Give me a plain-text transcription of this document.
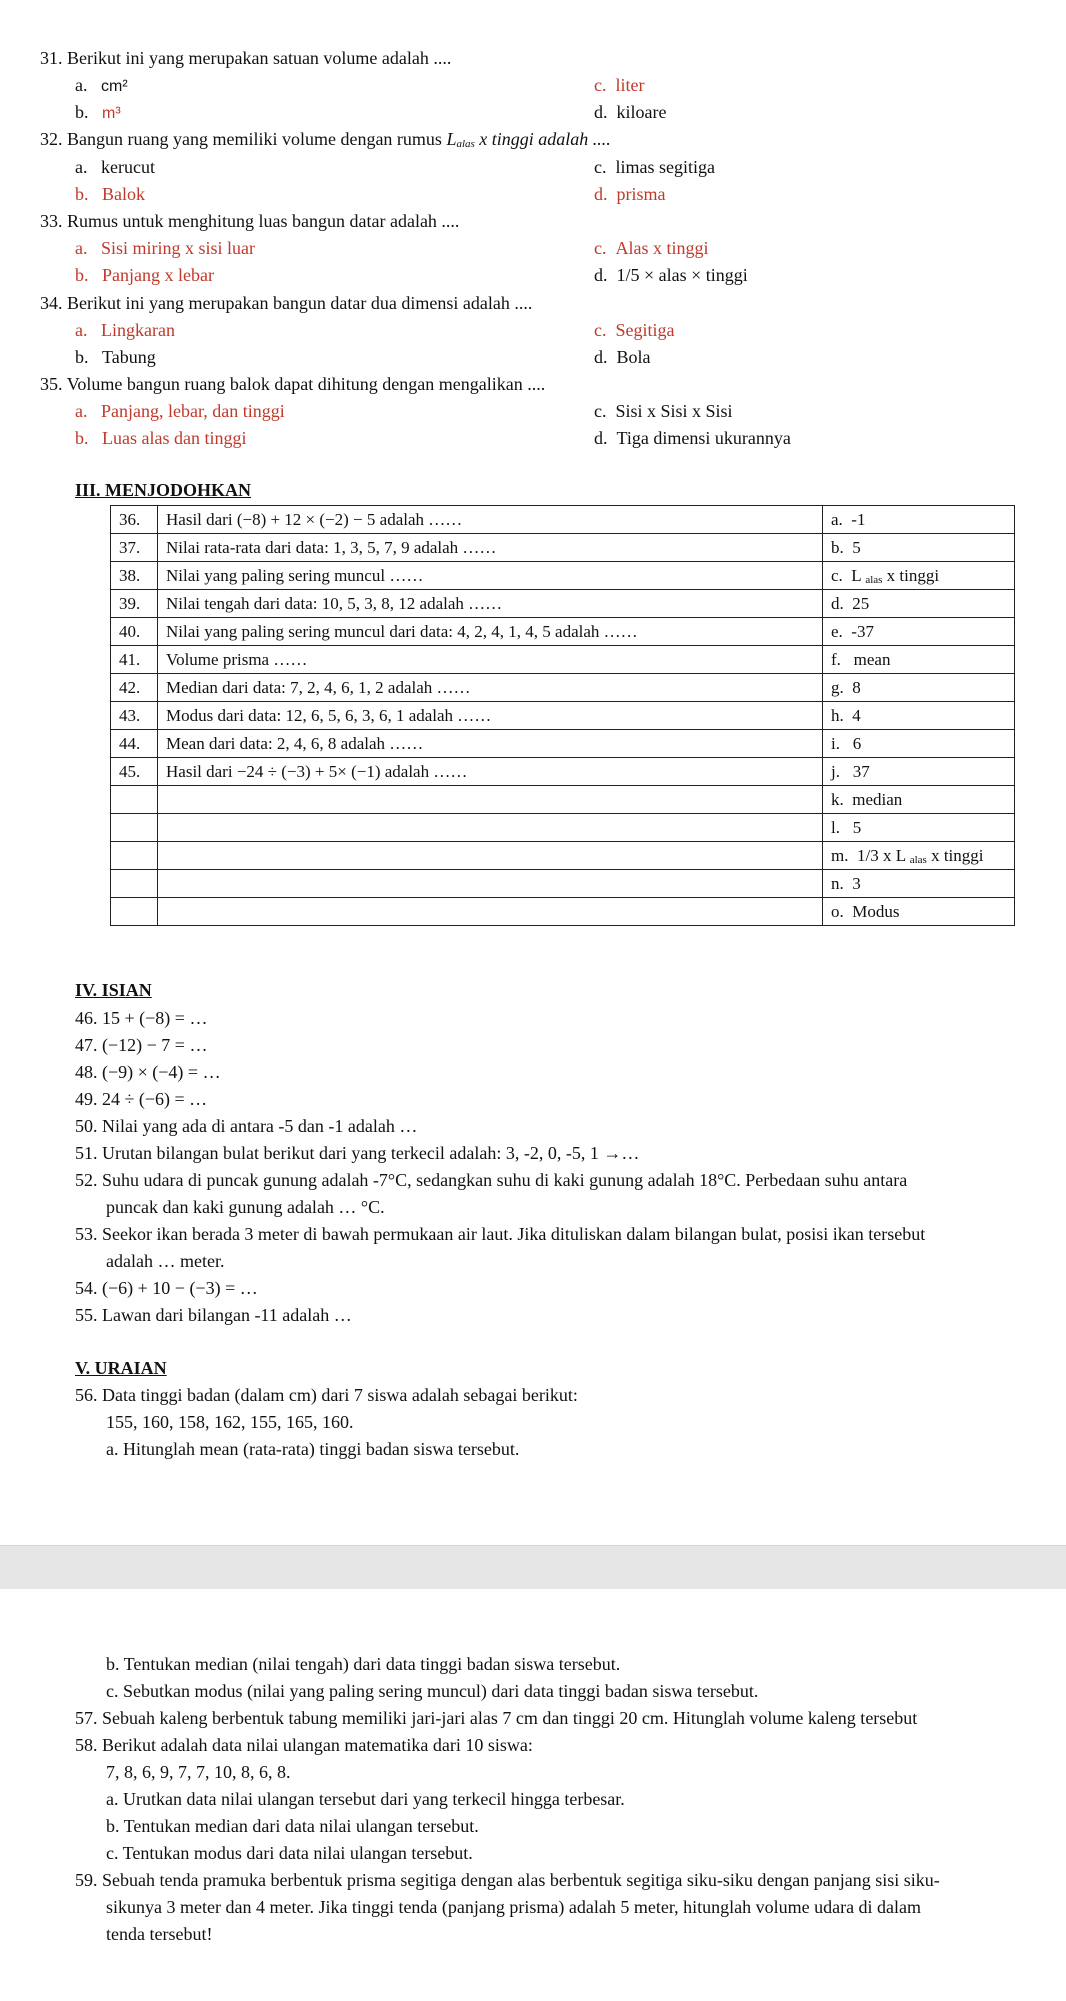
31. Berikut ini yang merupakan satuan volume adalah ....
a. cm²	c. liter
b. m³	d. kiloare
32. Bangun ruang yang memiliki volume dengan rumus $L_{alas}$ x tinggi adalah ....
a. kerucut	c. limas segitiga
b. Balok	d. prisma
33. Rumus untuk menghitung luas bangun datar adalah ....
a. Sisi miring x sisi luar	c. Alas x tinggi
b. Panjang x lebar	d. 1/5 × alas × tinggi
34. Berikut ini yang merupakan bangun datar dua dimensi adalah ....
a. Lingkaran	c. Segitiga
b. Tabung	d. Bola
35. Volume bangun ruang balok dapat dihitung dengan mengalikan ....
a. Panjang, lebar, dan tinggi	c. Sisi x Sisi x Sisi
b. Luas alas dan tinggi	d. Tiga dimensi ukurannya
III. MENJODOHKAN
36.	Hasil dari (−8) + 12 × (−2) − 5 adalah ……	a.  -1
37.	Nilai rata-rata dari data: 1, 3, 5, 7, 9 adalah ……	b.  5
38.	Nilai yang paling sering muncul ……	c.  L $_{alas}$ x tinggi
39.	Nilai tengah dari data: 10, 5, 3, 8, 12 adalah ……	d.  25
40.	Nilai yang paling sering muncul dari data: 4, 2, 4, 1, 4, 5 adalah ……	e.  -37
41.	Volume prisma ……	f.   mean
42.	Median dari data: 7, 2, 4, 6, 1, 2 adalah ……	g.  8
43.	Modus dari data: 12, 6, 5, 6, 3, 6, 1 adalah ……	h.  4
44.	Mean dari data: 2, 4, 6, 8 adalah ……	i.   6
45.	Hasil dari −24 ÷ (−3) + 5× (−1) adalah ……	j.   37
		k.  median
		l.   5
		m.  1/3 x L $_{alas}$ x tinggi
		n.  3
		o.  Modus
IV. ISIAN
46. 15 + (−8) = …
47. (−12) − 7 = …
48. (−9) × (−4) = …
49. 24 ÷ (−6) = …
50. Nilai yang ada di antara -5 dan -1 adalah …
51. Urutan bilangan bulat berikut dari yang terkecil adalah: 3, -2, 0, -5, 1 →…
52. Suhu udara di puncak gunung adalah -7°C, sedangkan suhu di kaki gunung adalah 18°C. Perbedaan suhu antara
puncak dan kaki gunung adalah … °C.
53. Seekor ikan berada 3 meter di bawah permukaan air laut. Jika dituliskan dalam bilangan bulat, posisi ikan tersebut
adalah … meter.
54. (−6) + 10 − (−3) = …
55. Lawan dari bilangan -11 adalah …
V. URAIAN
56. Data tinggi badan (dalam cm) dari 7 siswa adalah sebagai berikut:
155, 160, 158, 162, 155, 165, 160.
a. Hitunglah mean (rata-rata) tinggi badan siswa tersebut.
b. Tentukan median (nilai tengah) dari data tinggi badan siswa tersebut.
c. Sebutkan modus (nilai yang paling sering muncul) dari data tinggi badan siswa tersebut.
57. Sebuah kaleng berbentuk tabung memiliki jari-jari alas 7 cm dan tinggi 20 cm. Hitunglah volume kaleng tersebut
58. Berikut adalah data nilai ulangan matematika dari 10 siswa:
7, 8, 6, 9, 7, 7, 10, 8, 6, 8.
a. Urutkan data nilai ulangan tersebut dari yang terkecil hingga terbesar.
b. Tentukan median dari data nilai ulangan tersebut.
c. Tentukan modus dari data nilai ulangan tersebut.
59. Sebuah tenda pramuka berbentuk prisma segitiga dengan alas berbentuk segitiga siku-siku dengan panjang sisi siku-
sikunya 3 meter dan 4 meter. Jika tinggi tenda (panjang prisma) adalah 5 meter, hitunglah volume udara di dalam
tenda tersebut!
